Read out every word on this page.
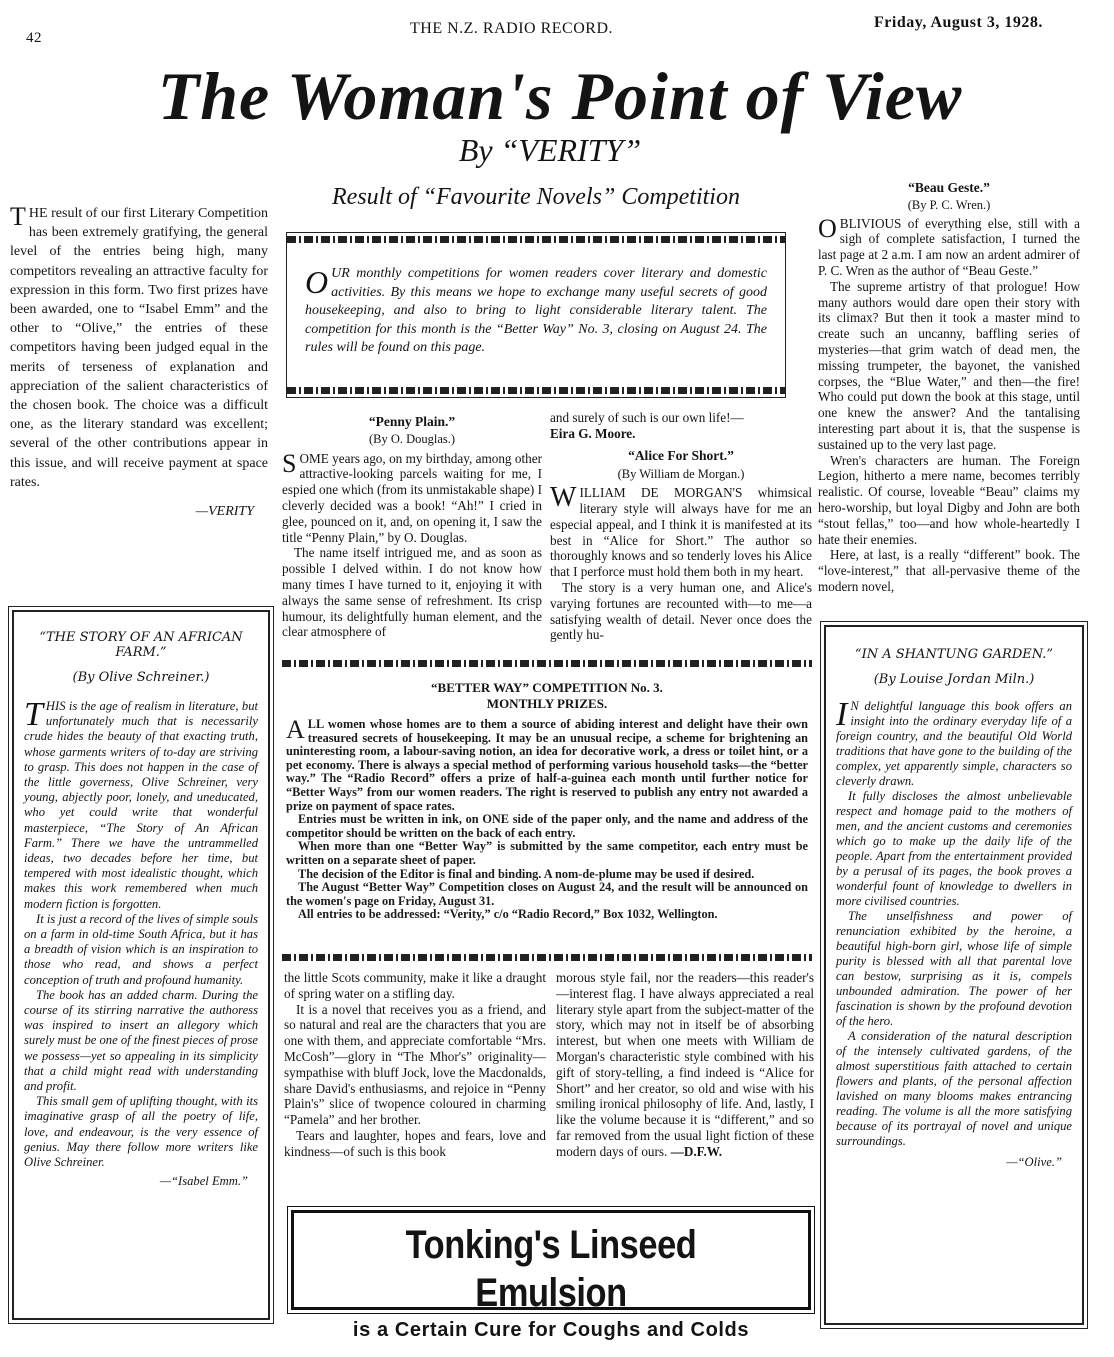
42
THE N.Z. RADIO RECORD.	Friday, August 3, 1928.
The Woman's Point of View
By “VERITY”
Result of “Favourite Novels” Competition
T HE result of our first Literary Competition has been extremely gratifying, the general level of the entries being high, many competitors revealing an attractive faculty for expression in this form. Two first prizes have been awarded, one to “Isabel Emm” and the other to “Olive,” the entries of these competitors having been judged equal in the merits of terseness of explanation and appreciation of the salient characteristics of the chosen book. The choice was a difficult one, as the literary standard was excellent; several of the other contributions appear in this issue, and will receive payment at space rates.
—VERITY
“THE STORY OF AN AFRICAN FARM.”
(By Olive Schreiner.)

THIS is the age of realism in literature, but unfortunately much that is necessarily crude hides the beauty of that exacting truth, whose garments writers of to-day are striving to grasp. This does not happen in the case of the little governess, Olive Schreiner, very young, abjectly poor, lonely, and uneducated, who yet could write that wonderful masterpiece, “The Story of An African Farm.” There we have the untrammelled ideas, two decades before her time, but tempered with most idealistic thought, which makes this work remembered when much modern fiction is forgotten.

It is just a record of the lives of simple souls on a farm in old-time South Africa, but it has a breadth of vision which is an inspiration to those who read, and shows a perfect conception of truth and profound humanity.

The book has an added charm. During the course of its stirring narrative the authoress was inspired to insert an allegory which surely must be one of the finest pieces of prose we possess—yet so appealing in its simplicity that a child might read with understanding and profit.

This small gem of uplifting thought, with its imaginative grasp of all the poetry of life, love, and endeavour, is the very essence of genius. May there follow more writers like Olive Schreiner.

—“Isabel Emm.”
OUR monthly competitions for women readers cover literary and domestic activities. By this means we hope to exchange many useful secrets of good housekeeping, and also to bring to light considerable literary talent. The competition for this month is the “Better Way” No. 3, closing on August 24. The rules will be found on this page.
“Penny Plain.”
(By O. Douglas.)

SOME years ago, on my birthday, among other attractive-looking parcels waiting for me, I espied one which (from its unmistakable shape) I cleverly decided was a book! “Ah!” I cried in glee, pounced on it, and, on opening it, I saw the title “Penny Plain,” by O. Douglas.

The name itself intrigued me, and as soon as possible I delved within. I do not know how many times I have turned to it, enjoying it with always the same sense of refreshment. Its crisp humour, its delightfully human element, and the clear atmosphere of

and surely of such is our own life!—
Eira G. Moore.
“Alice For Short.”
(By William de Morgan.)

WILLIAM DE MORGAN'S whimsical literary style will always have for me an especial appeal, and I think it is manifested at its best in “Alice for Short.” The author so thoroughly knows and so tenderly loves his Alice that I perforce must hold them both in my heart.

The story is a very human one, and Alice's varying fortunes are recounted with—to me—a satisfying wealth of detail. Never once does the gently hu-

“BETTER WAY” COMPETITION No. 3.
MONTHLY PRIZES.

ALL women whose homes are to them a source of abiding interest and delight have their own treasured secrets of housekeeping. It may be an unusual recipe, a scheme for brightening an uninteresting room, a labour-saving notion, an idea for decorative work, a dress or toilet hint, or a pet economy. There is always a special method of performing various household tasks—the “better way.” The “Radio Record” offers a prize of half-a-guinea each month until further notice for “Better Ways” from our women readers. The right is reserved to publish any entry not awarded a prize on payment of space rates.

Entries must be written in ink, on ONE side of the paper only, and the name and address of the competitor should be written on the back of each entry.

When more than one “Better Way” is submitted by the same competitor, each entry must be written on a separate sheet of paper.

The decision of the Editor is final and binding. A nom-de-plume may be used if desired.

The August “Better Way” Competition closes on August 24, and the result will be announced on the women's page on Friday, August 31.

All entries to be addressed: “Verity,” c/o “Radio Record,” Box 1032, Wellington.

the little Scots community, make it like a draught of spring water on a stifling day.

It is a novel that receives you as a friend, and so natural and real are the characters that you are one with them, and appreciate comfortable “Mrs. McCosh”—glory in “The Mhor's” originality—sympathise with bluff Jock, love the Macdonalds, share David's enthusiasms, and rejoice in “Penny Plain's” slice of twopence coloured in charming “Pamela” and her brother.

Tears and laughter, hopes and fears, love and kindness—of such is this book

morous style fail, nor the readers—this reader's—interest flag. I have always appreciated a real literary style apart from the subject-matter of the story, which may not in itself be of absorbing interest, but when one meets with William de Morgan's characteristic style combined with his gift of story-telling, a find indeed is “Alice for Short” and her creator, so old and wise with his smiling ironical philosophy of life. And, lastly, I like the volume because it is “different,” and so far removed from the usual light fiction of these modern days of ours. —D.F.W.
“Beau Geste.”
(By P. C. Wren.)

OBLIVIOUS of everything else, still with a sigh of complete satisfaction, I turned the last page at 2 a.m. I am now an ardent admirer of P. C. Wren as the author of “Beau Geste.”

The supreme artistry of that prologue! How many authors would dare open their story with its climax? But then it took a master mind to create such an uncanny, baffling series of mysteries—that grim watch of dead men, the missing trumpeter, the bayonet, the vanished corpses, the “Blue Water,” and then—the fire! Who could put down the book at this stage, until one knew the answer? And the tantalising interesting part about it is, that the suspense is sustained up to the very last page.

Wren's characters are human. The Foreign Legion, hitherto a mere name, becomes terribly realistic. Of course, loveable “Beau” claims my hero-worship, but loyal Digby and John are both “stout fellas,” too—and how whole-heartedly I hate their enemies.

Here, at last, is a really “different” book. The “love-interest,” that all-pervasive theme of the modern novel,

“IN A SHANTUNG GARDEN.”
(By Louise Jordan Miln.)

I N delightful language this book offers an insight into the ordinary everyday life of a foreign country, and the beautiful Old World traditions that have gone to the building of the complex, yet apparently simple, characters so cleverly drawn.

It fully discloses the almost unbelievable respect and homage paid to the mothers of men, and the ancient customs and ceremonies which go to make up the daily life of the people. Apart from the entertainment provided by a perusal of its pages, the book proves a wonderful fount of knowledge to dwellers in more civilised countries.

The unselfishness and power of renunciation exhibited by the heroine, a beautiful high-born girl, whose life of simple purity is blessed with all that parental love can bestow, surprising as it is, compels unbounded admiration. The power of her fascination is shown by the profound devotion of the hero.

A consideration of the natural description of the intensely cultivated gardens, of the almost superstitious faith attached to certain flowers and plants, of the personal affection lavished on many blooms makes entrancing reading. The volume is all the more satisfying because of its portrayal of novel and unique surroundings.

—“Olive.”
Tonking's Linseed Emulsion
is a Certain Cure for Coughs and Colds
